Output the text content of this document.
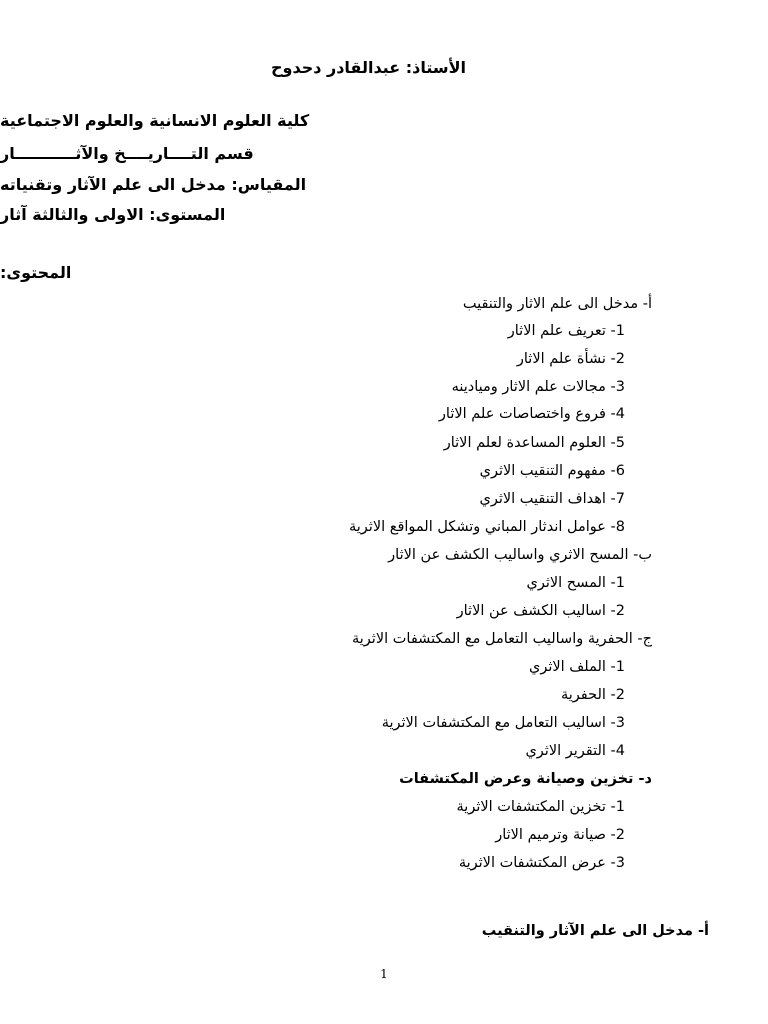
الأستاذ: عبدالقادر دحدوح
كلية العلوم الانسانية والعلوم الاجتماعية
قسم التــــاريــــخ والآثـــــــــــار
المقياس: مدخل الى علم الآثار وتقنياته
المستوى: الاولى والثالثة آثار
المحتوى:
أ- مدخل الى علم الاثار والتنقيب
1- تعريف علم الاثار
2- نشأة علم الاثار
3- مجالات علم الاثار وميادينه
4- فروع واختصاصات علم الاثار
5- العلوم المساعدة لعلم الاثار
6- مفهوم التنقيب الاثري
7- اهداف التنقيب الاثري
8- عوامل اندثار المباني وتشكل المواقع الاثرية
ب- المسح الاثري واساليب الكشف عن الاثار
1- المسح الاثري
2- اساليب الكشف عن الاثار
ج- الحفرية واساليب التعامل مع المكتشفات الاثرية
1- الملف الاثري
2- الحفرية
3- اساليب التعامل مع المكتشفات الاثرية
4- التقرير الاثري
د- تخزين وصيانة وعرض المكتشفات
1- تخزين المكتشفات الاثرية
2- صيانة وترميم الاثار
3- عرض المكتشفات الاثرية
أ- مدخل الى علم الآثار والتنقيب
1
